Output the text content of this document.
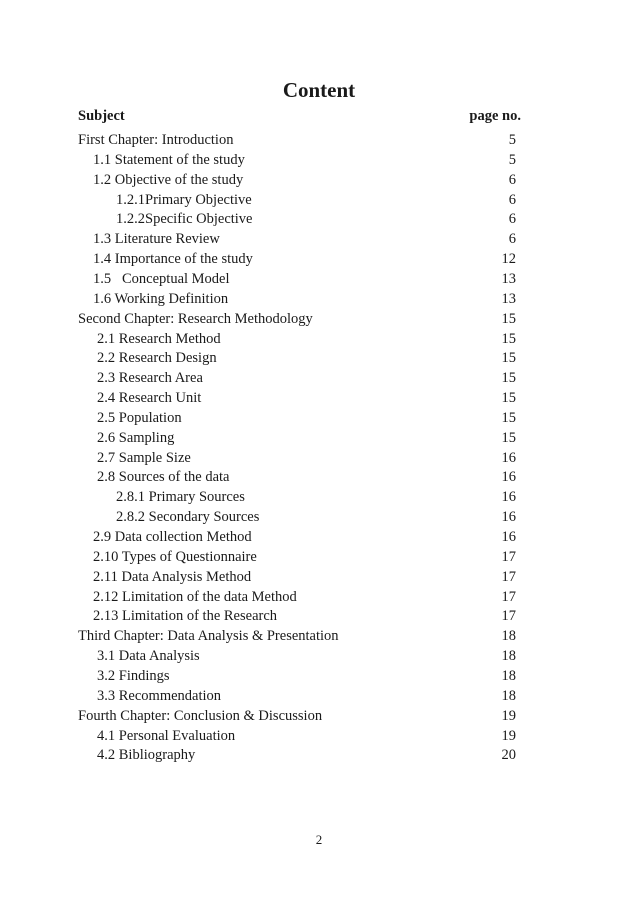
Content
Subject	page no.
First Chapter: Introduction	5
1.1 Statement of the study	5
1.2 Objective of the study	6
1.2.1Primary Objective	6
1.2.2Specific Objective	6
1.3 Literature Review	6
1.4 Importance of the study	12
1.5   Conceptual Model	13
1.6 Working Definition	13
Second Chapter: Research Methodology	15
2.1 Research Method	15
2.2 Research Design	15
2.3 Research Area	15
2.4 Research Unit	15
2.5 Population	15
2.6 Sampling	15
2.7 Sample Size	16
2.8 Sources of the data	16
2.8.1 Primary Sources	16
2.8.2 Secondary Sources	16
2.9 Data collection Method	16
2.10 Types of Questionnaire	17
2.11 Data Analysis Method	17
2.12 Limitation of the data Method	17
2.13 Limitation of the Research	17
Third Chapter: Data Analysis & Presentation	18
3.1 Data Analysis	18
3.2 Findings	18
3.3 Recommendation	18
Fourth Chapter: Conclusion & Discussion	19
4.1 Personal Evaluation	19
4.2 Bibliography	20
2
